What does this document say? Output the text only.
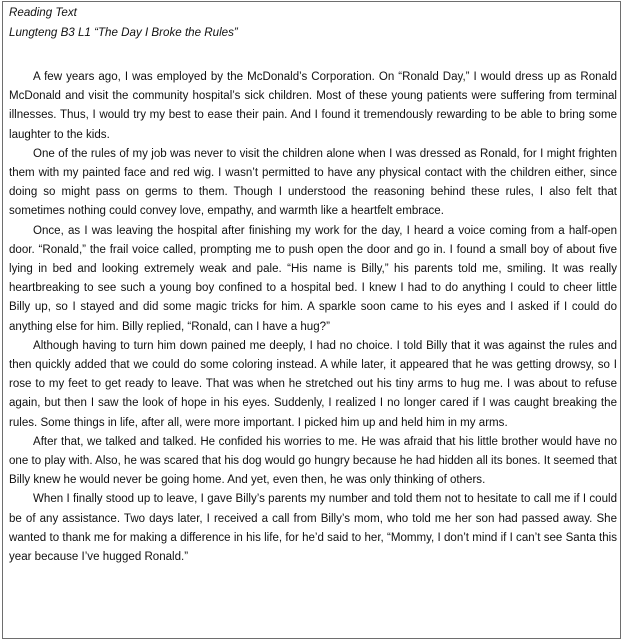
Reading Text
Lungteng B3 L1 “The Day I Broke the Rules”

A few years ago, I was employed by the McDonald’s Corporation. On “Ronald Day,” I would dress up as Ronald McDonald and visit the community hospital’s sick children. Most of these young patients were suffering from terminal illnesses. Thus, I would try my best to ease their pain. And I found it tremendously rewarding to be able to bring some laughter to the kids.

One of the rules of my job was never to visit the children alone when I was dressed as Ronald, for I might frighten them with my painted face and red wig. I wasn’t permitted to have any physical contact with the children either, since doing so might pass on germs to them. Though I understood the reasoning behind these rules, I also felt that sometimes nothing could convey love, empathy, and warmth like a heartfelt embrace.

Once, as I was leaving the hospital after finishing my work for the day, I heard a voice coming from a half-open door. “Ronald,” the frail voice called, prompting me to push open the door and go in. I found a small boy of about five lying in bed and looking extremely weak and pale. “His name is Billy,” his parents told me, smiling. It was really heartbreaking to see such a young boy confined to a hospital bed. I knew I had to do anything I could to cheer little Billy up, so I stayed and did some magic tricks for him. A sparkle soon came to his eyes and I asked if I could do anything else for him. Billy replied, “Ronald, can I have a hug?”

Although having to turn him down pained me deeply, I had no choice. I told Billy that it was against the rules and then quickly added that we could do some coloring instead. A while later, it appeared that he was getting drowsy, so I rose to my feet to get ready to leave. That was when he stretched out his tiny arms to hug me. I was about to refuse again, but then I saw the look of hope in his eyes. Suddenly, I realized I no longer cared if I was caught breaking the rules. Some things in life, after all, were more important. I picked him up and held him in my arms.

After that, we talked and talked. He confided his worries to me. He was afraid that his little brother would have no one to play with. Also, he was scared that his dog would go hungry because he had hidden all its bones. It seemed that Billy knew he would never be going home. And yet, even then, he was only thinking of others.

When I finally stood up to leave, I gave Billy’s parents my number and told them not to hesitate to call me if I could be of any assistance. Two days later, I received a call from Billy’s mom, who told me her son had passed away. She wanted to thank me for making a difference in his life, for he’d said to her, “Mommy, I don’t mind if I can’t see Santa this year because I’ve hugged Ronald.”
